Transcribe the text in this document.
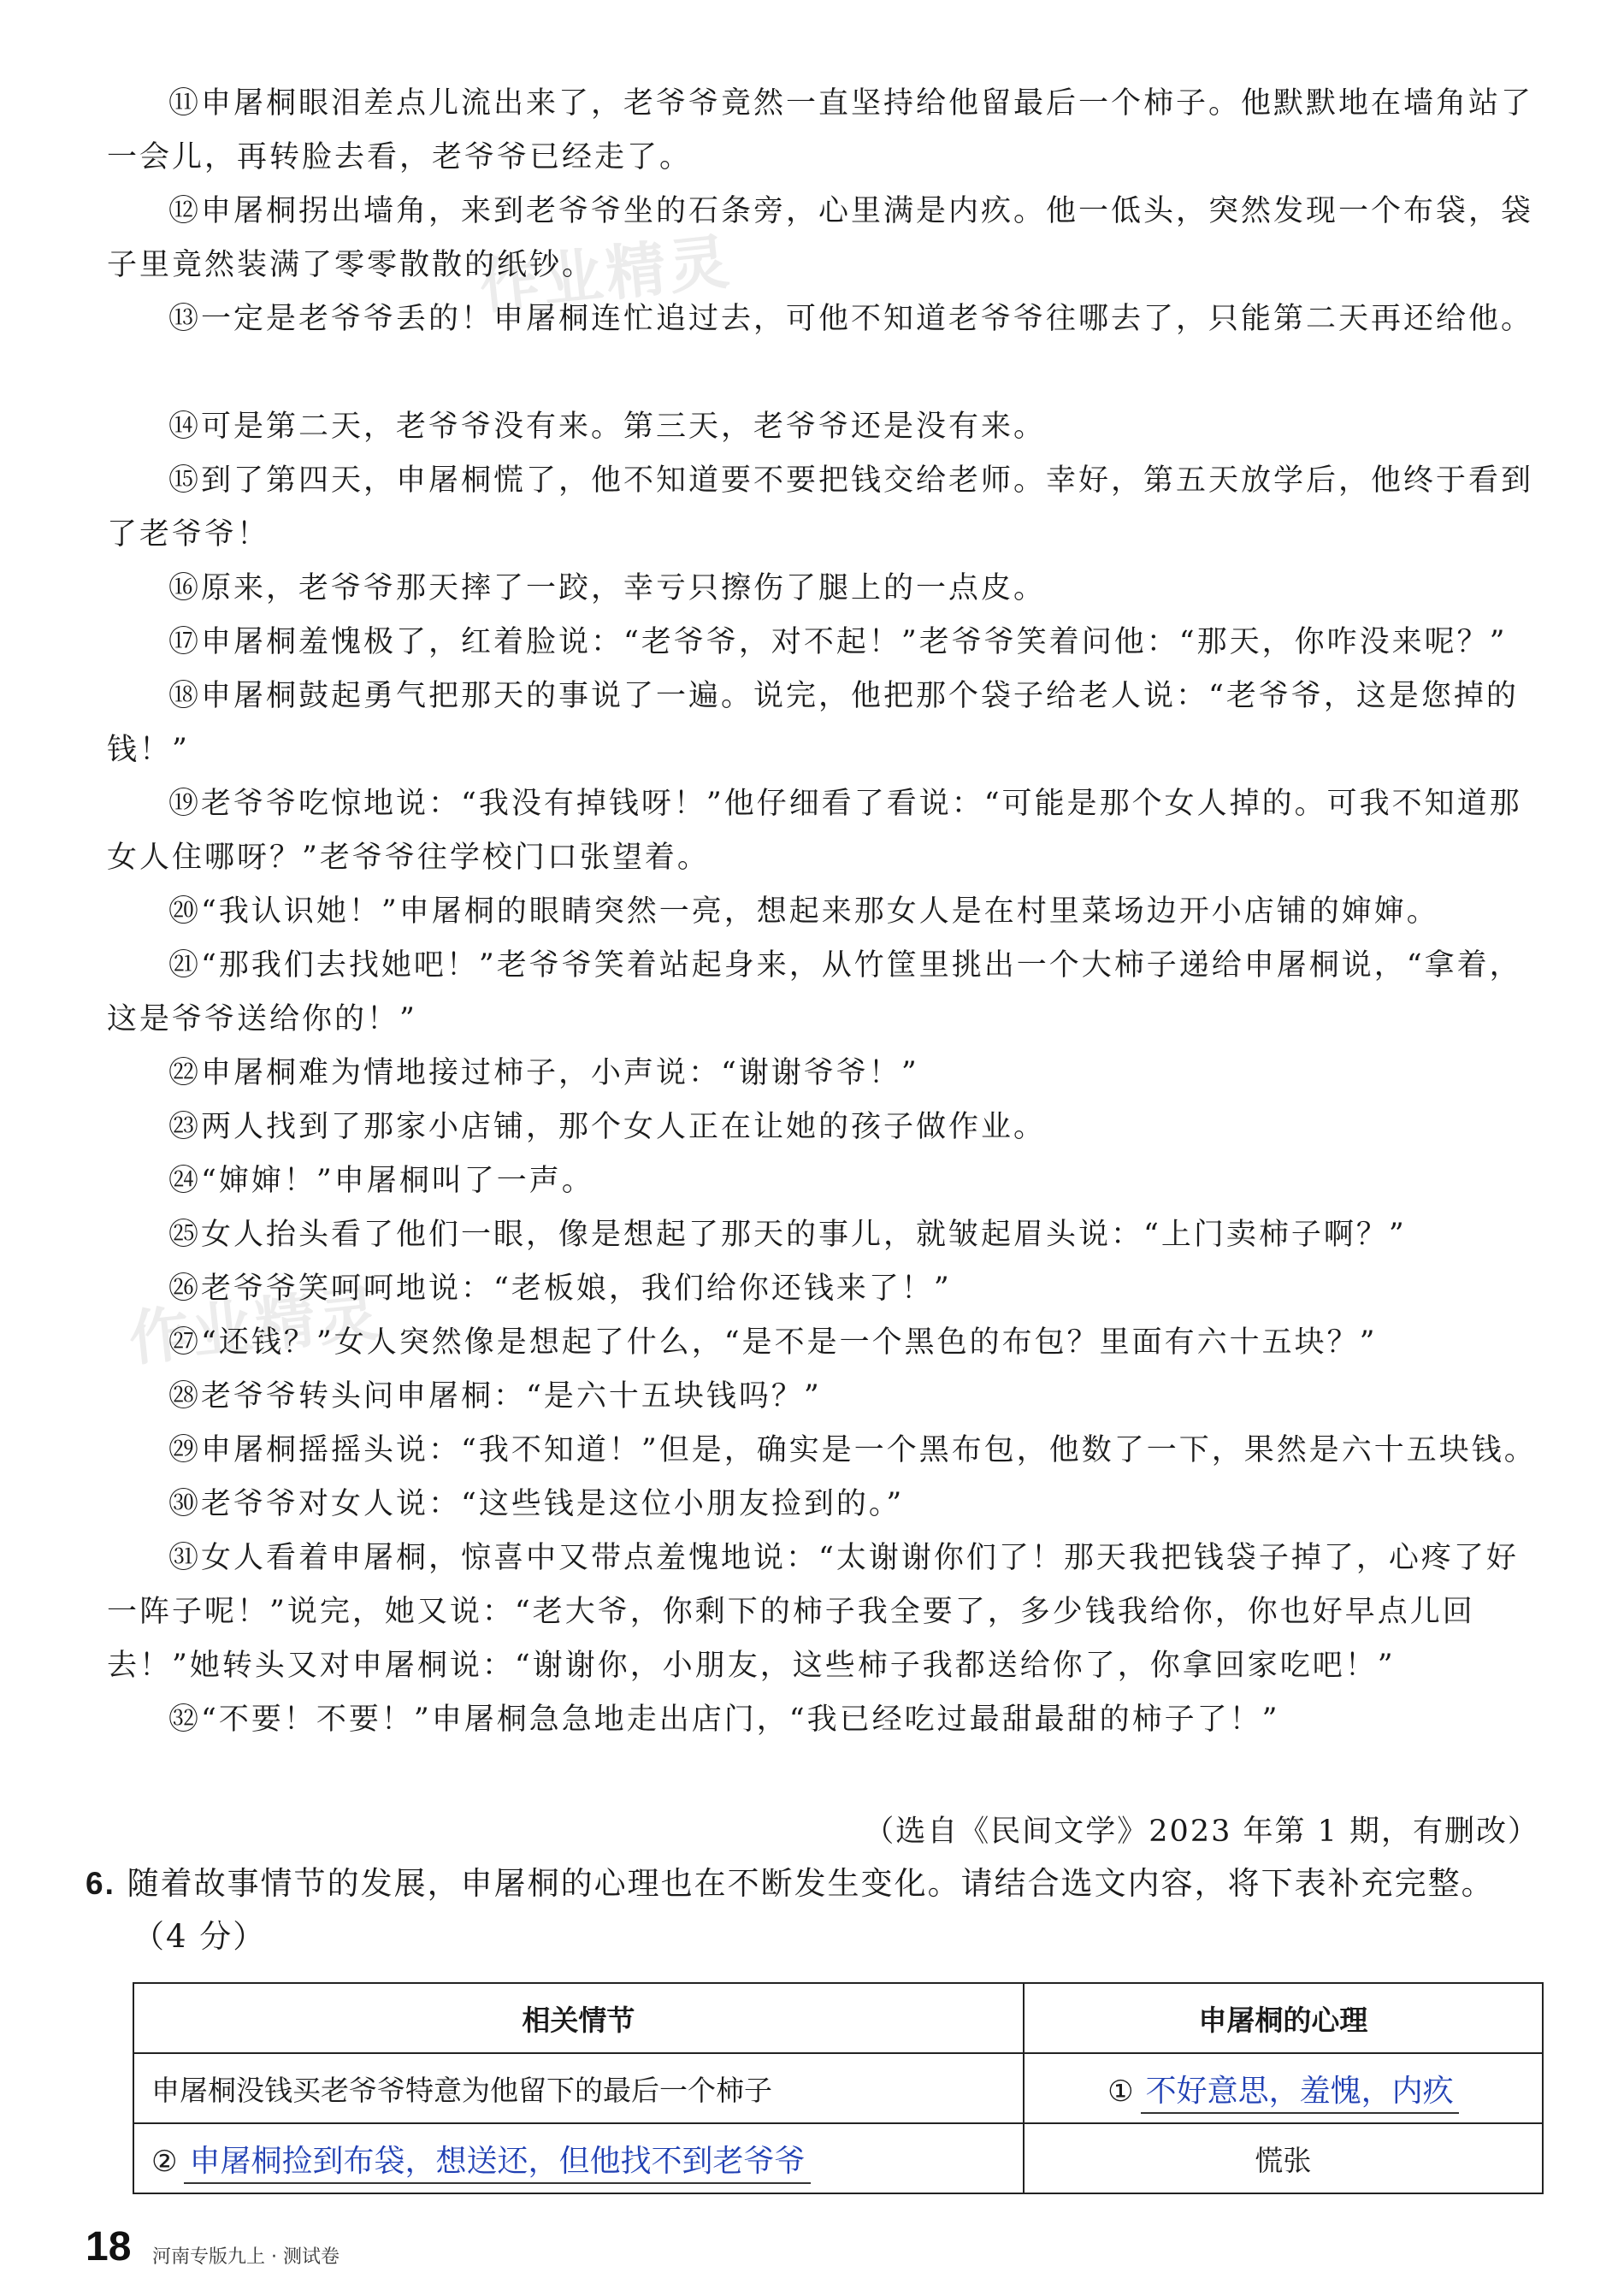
作业精灵
作业精灵

⑪申屠桐眼泪差点儿流出来了，老爷爷竟然一直坚持给他留最后一个柿子。他默默地在墙角站了一会儿，再转脸去看，老爷爷已经走了。

⑫申屠桐拐出墙角，来到老爷爷坐的石条旁，心里满是内疚。他一低头，突然发现一个布袋，袋子里竟然装满了零零散散的纸钞。

⑬一定是老爷爷丢的！申屠桐连忙追过去，可他不知道老爷爷往哪去了，只能第二天再还给他。

⑭可是第二天，老爷爷没有来。第三天，老爷爷还是没有来。

⑮到了第四天，申屠桐慌了，他不知道要不要把钱交给老师。幸好，第五天放学后，他终于看到了老爷爷！

⑯原来，老爷爷那天摔了一跤，幸亏只擦伤了腿上的一点皮。

⑰申屠桐羞愧极了，红着脸说：“老爷爷，对不起！”老爷爷笑着问他：“那天，你咋没来呢？”

⑱申屠桐鼓起勇气把那天的事说了一遍。说完，他把那个袋子给老人说：“老爷爷，这是您掉的钱！”

⑲老爷爷吃惊地说：“我没有掉钱呀！”他仔细看了看说：“可能是那个女人掉的。可我不知道那女人住哪呀？”老爷爷往学校门口张望着。

⑳“我认识她！”申屠桐的眼睛突然一亮，想起来那女人是在村里菜场边开小店铺的婶婶。

㉑“那我们去找她吧！”老爷爷笑着站起身来，从竹筐里挑出一个大柿子递给申屠桐说，“拿着，这是爷爷送给你的！”

㉒申屠桐难为情地接过柿子，小声说：“谢谢爷爷！”

㉓两人找到了那家小店铺，那个女人正在让她的孩子做作业。

㉔“婶婶！”申屠桐叫了一声。

㉕女人抬头看了他们一眼，像是想起了那天的事儿，就皱起眉头说：“上门卖柿子啊？”

㉖老爷爷笑呵呵地说：“老板娘，我们给你还钱来了！”

㉗“还钱？”女人突然像是想起了什么，“是不是一个黑色的布包？里面有六十五块？”

㉘老爷爷转头问申屠桐：“是六十五块钱吗？”

㉙申屠桐摇摇头说：“我不知道！”但是，确实是一个黑布包，他数了一下，果然是六十五块钱。

㉚老爷爷对女人说：“这些钱是这位小朋友捡到的。”

㉛女人看着申屠桐，惊喜中又带点羞愧地说：“太谢谢你们了！那天我把钱袋子掉了，心疼了好一阵子呢！”说完，她又说：“老大爷，你剩下的柿子我全要了，多少钱我给你，你也好早点儿回去！”她转头又对申屠桐说：“谢谢你，小朋友，这些柿子我都送给你了，你拿回家吃吧！”

㉜“不要！不要！”申屠桐急急地走出店门，“我已经吃过最甜最甜的柿子了！”

（选自《民间文学》2023 年第 1 期，有删改）
6. 随着故事情节的发展，申屠桐的心理也在不断发生变化。请结合选文内容，将下表补充完整。
（4 分）
相关情节	申屠桐的心理
申屠桐没钱买老爷爷特意为他留下的最后一个柿子	① 不好意思，羞愧，内疚
② 申屠桐捡到布袋，想送还，但他找不到老爷爷	慌张
18 河南专版九上 · 测试卷
